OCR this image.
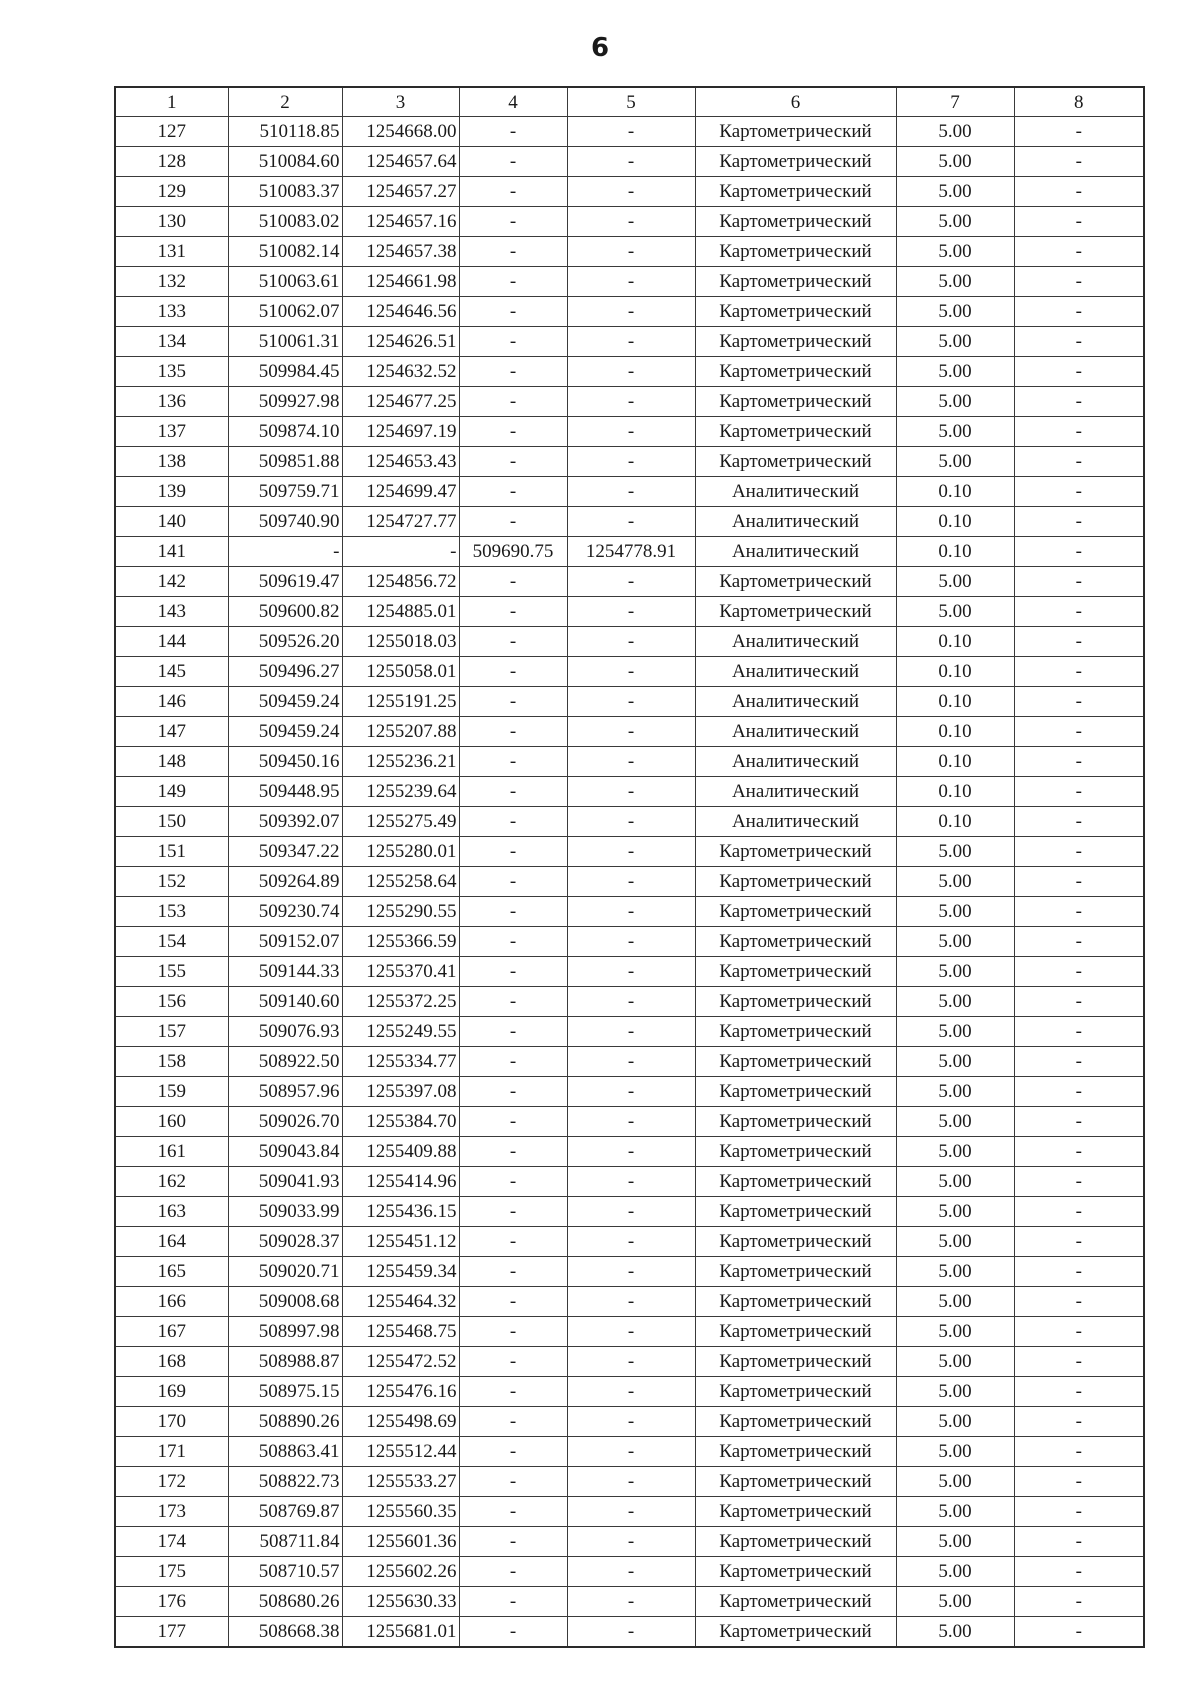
6
1	2	3	4	5	6	7	8
127	510118.85	1254668.00	-	-	Картометрический	5.00	-
128	510084.60	1254657.64	-	-	Картометрический	5.00	-
129	510083.37	1254657.27	-	-	Картометрический	5.00	-
130	510083.02	1254657.16	-	-	Картометрический	5.00	-
131	510082.14	1254657.38	-	-	Картометрический	5.00	-
132	510063.61	1254661.98	-	-	Картометрический	5.00	-
133	510062.07	1254646.56	-	-	Картометрический	5.00	-
134	510061.31	1254626.51	-	-	Картометрический	5.00	-
135	509984.45	1254632.52	-	-	Картометрический	5.00	-
136	509927.98	1254677.25	-	-	Картометрический	5.00	-
137	509874.10	1254697.19	-	-	Картометрический	5.00	-
138	509851.88	1254653.43	-	-	Картометрический	5.00	-
139	509759.71	1254699.47	-	-	Аналитический	0.10	-
140	509740.90	1254727.77	-	-	Аналитический	0.10	-
141	-	-	509690.75	1254778.91	Аналитический	0.10	-
142	509619.47	1254856.72	-	-	Картометрический	5.00	-
143	509600.82	1254885.01	-	-	Картометрический	5.00	-
144	509526.20	1255018.03	-	-	Аналитический	0.10	-
145	509496.27	1255058.01	-	-	Аналитический	0.10	-
146	509459.24	1255191.25	-	-	Аналитический	0.10	-
147	509459.24	1255207.88	-	-	Аналитический	0.10	-
148	509450.16	1255236.21	-	-	Аналитический	0.10	-
149	509448.95	1255239.64	-	-	Аналитический	0.10	-
150	509392.07	1255275.49	-	-	Аналитический	0.10	-
151	509347.22	1255280.01	-	-	Картометрический	5.00	-
152	509264.89	1255258.64	-	-	Картометрический	5.00	-
153	509230.74	1255290.55	-	-	Картометрический	5.00	-
154	509152.07	1255366.59	-	-	Картометрический	5.00	-
155	509144.33	1255370.41	-	-	Картометрический	5.00	-
156	509140.60	1255372.25	-	-	Картометрический	5.00	-
157	509076.93	1255249.55	-	-	Картометрический	5.00	-
158	508922.50	1255334.77	-	-	Картометрический	5.00	-
159	508957.96	1255397.08	-	-	Картометрический	5.00	-
160	509026.70	1255384.70	-	-	Картометрический	5.00	-
161	509043.84	1255409.88	-	-	Картометрический	5.00	-
162	509041.93	1255414.96	-	-	Картометрический	5.00	-
163	509033.99	1255436.15	-	-	Картометрический	5.00	-
164	509028.37	1255451.12	-	-	Картометрический	5.00	-
165	509020.71	1255459.34	-	-	Картометрический	5.00	-
166	509008.68	1255464.32	-	-	Картометрический	5.00	-
167	508997.98	1255468.75	-	-	Картометрический	5.00	-
168	508988.87	1255472.52	-	-	Картометрический	5.00	-
169	508975.15	1255476.16	-	-	Картометрический	5.00	-
170	508890.26	1255498.69	-	-	Картометрический	5.00	-
171	508863.41	1255512.44	-	-	Картометрический	5.00	-
172	508822.73	1255533.27	-	-	Картометрический	5.00	-
173	508769.87	1255560.35	-	-	Картометрический	5.00	-
174	508711.84	1255601.36	-	-	Картометрический	5.00	-
175	508710.57	1255602.26	-	-	Картометрический	5.00	-
176	508680.26	1255630.33	-	-	Картометрический	5.00	-
177	508668.38	1255681.01	-	-	Картометрический	5.00	-
